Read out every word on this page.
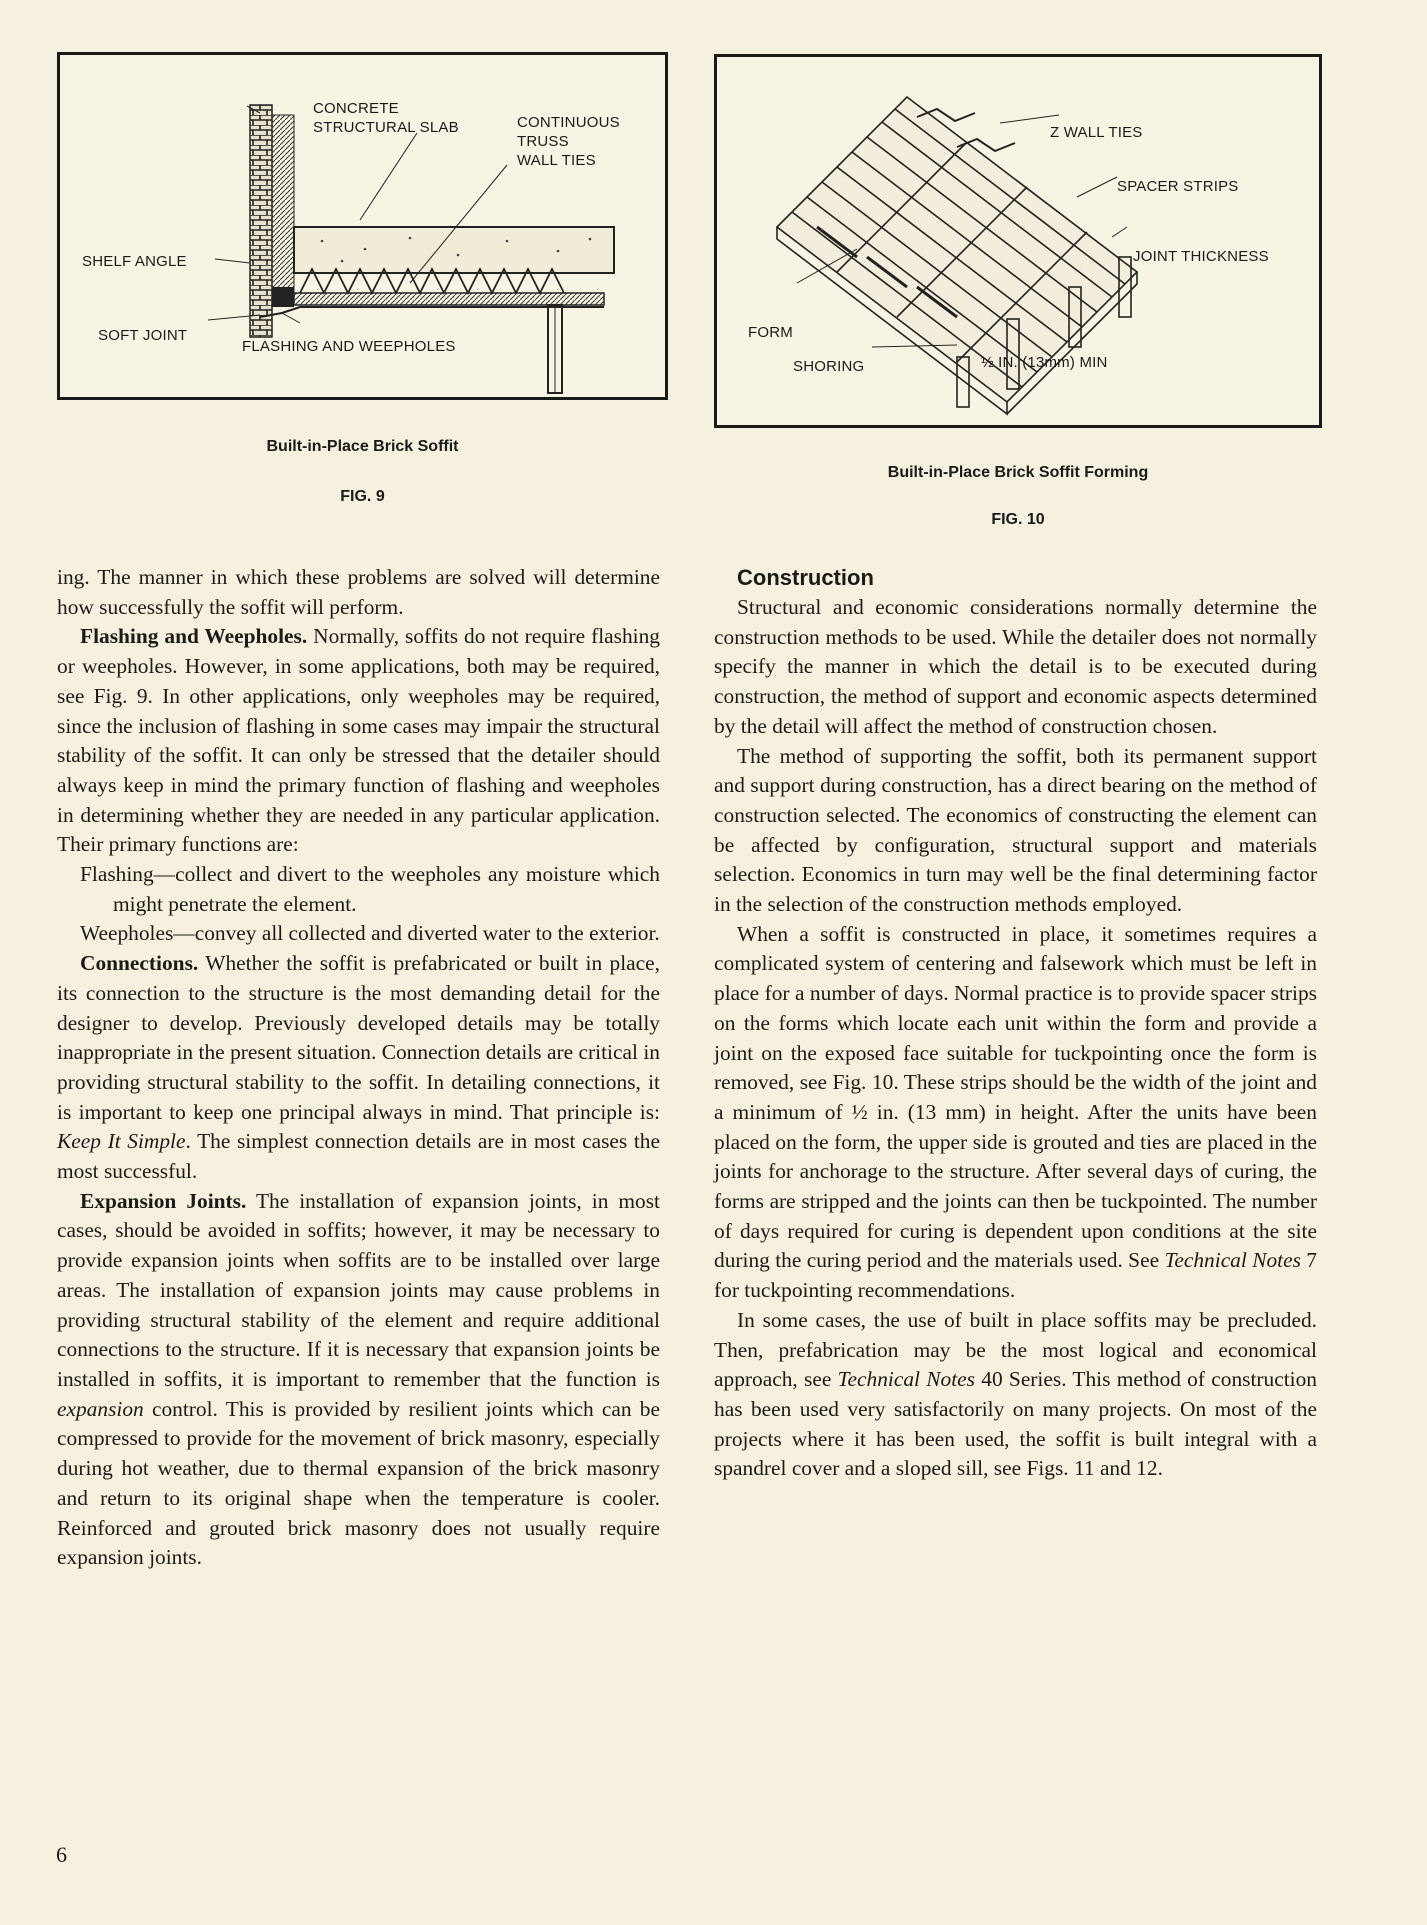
CONCRETE
STRUCTURAL SLAB	CONTINUOUS
TRUSS
WALL TIES
SHELF ANGLE
SOFT JOINT
FLASHING AND WEEPHOLES
Built-in-Place Brick Soffit
FIG. 9
Z WALL TIES
SPACER STRIPS
JOINT THICKNESS
FORM
SHORING	½ IN. (13mm) MIN
Built-in-Place Brick Soffit Forming
FIG. 10

ing. The manner in which these problems are solved will determine how successfully the soffit will perform.

Flashing and Weepholes. Normally, soffits do not require flashing or weepholes. However, in some applications, both may be required, see Fig. 9. In other applications, only weepholes may be required, since the inclusion of flashing in some cases may impair the structural stability of the soffit. It can only be stressed that the detailer should always keep in mind the primary function of flashing and weepholes in determining whether they are needed in any particular application. Their primary functions are:

Flashing—collect and divert to the weepholes any moisture which might penetrate the element.

Weepholes—convey all collected and diverted water to the exterior.

Connections. Whether the soffit is prefabricated or built in place, its connection to the structure is the most demanding detail for the designer to develop. Previously developed details may be totally inappropriate in the present situation. Connection details are critical in providing structural stability to the soffit. In detailing connections, it is important to keep one principal always in mind. That principle is: Keep It Simple. The simplest connection details are in most cases the most successful.

Expansion Joints. The installation of expansion joints, in most cases, should be avoided in soffits; however, it may be necessary to provide expansion joints when soffits are to be installed over large areas. The installation of expansion joints may cause problems in providing structural stability of the element and require additional connections to the structure. If it is necessary that expansion joints be installed in soffits, it is important to remember that the function is expansion control. This is provided by resilient joints which can be compressed to provide for the movement of brick masonry, especially during hot weather, due to thermal expansion of the brick masonry and return to its original shape when the temperature is cooler. Reinforced and grouted brick masonry does not usually require expansion joints.

Construction

Structural and economic considerations normally determine the construction methods to be used. While the detailer does not normally specify the manner in which the detail is to be executed during construction, the method of support and economic aspects determined by the detail will affect the method of construction chosen.

The method of supporting the soffit, both its permanent support and support during construction, has a direct bearing on the method of construction selected. The economics of constructing the element can be affected by configuration, structural support and materials selection. Economics in turn may well be the final determining factor in the selection of the construction methods employed.

When a soffit is constructed in place, it sometimes requires a complicated system of centering and falsework which must be left in place for a number of days. Normal practice is to provide spacer strips on the forms which locate each unit within the form and provide a joint on the exposed face suitable for tuckpointing once the form is removed, see Fig. 10. These strips should be the width of the joint and a minimum of ½ in. (13 mm) in height. After the units have been placed on the form, the upper side is grouted and ties are placed in the joints for anchorage to the structure. After several days of curing, the forms are stripped and the joints can then be tuckpointed. The number of days required for curing is dependent upon conditions at the site during the curing period and the materials used. See Technical Notes 7 for tuckpointing recommendations.

In some cases, the use of built in place soffits may be precluded. Then, prefabrication may be the most logical and economical approach, see Technical Notes 40 Series. This method of construction has been used very satisfactorily on many projects. On most of the projects where it has been used, the soffit is built integral with a spandrel cover and a sloped sill, see Figs. 11 and 12.

6
